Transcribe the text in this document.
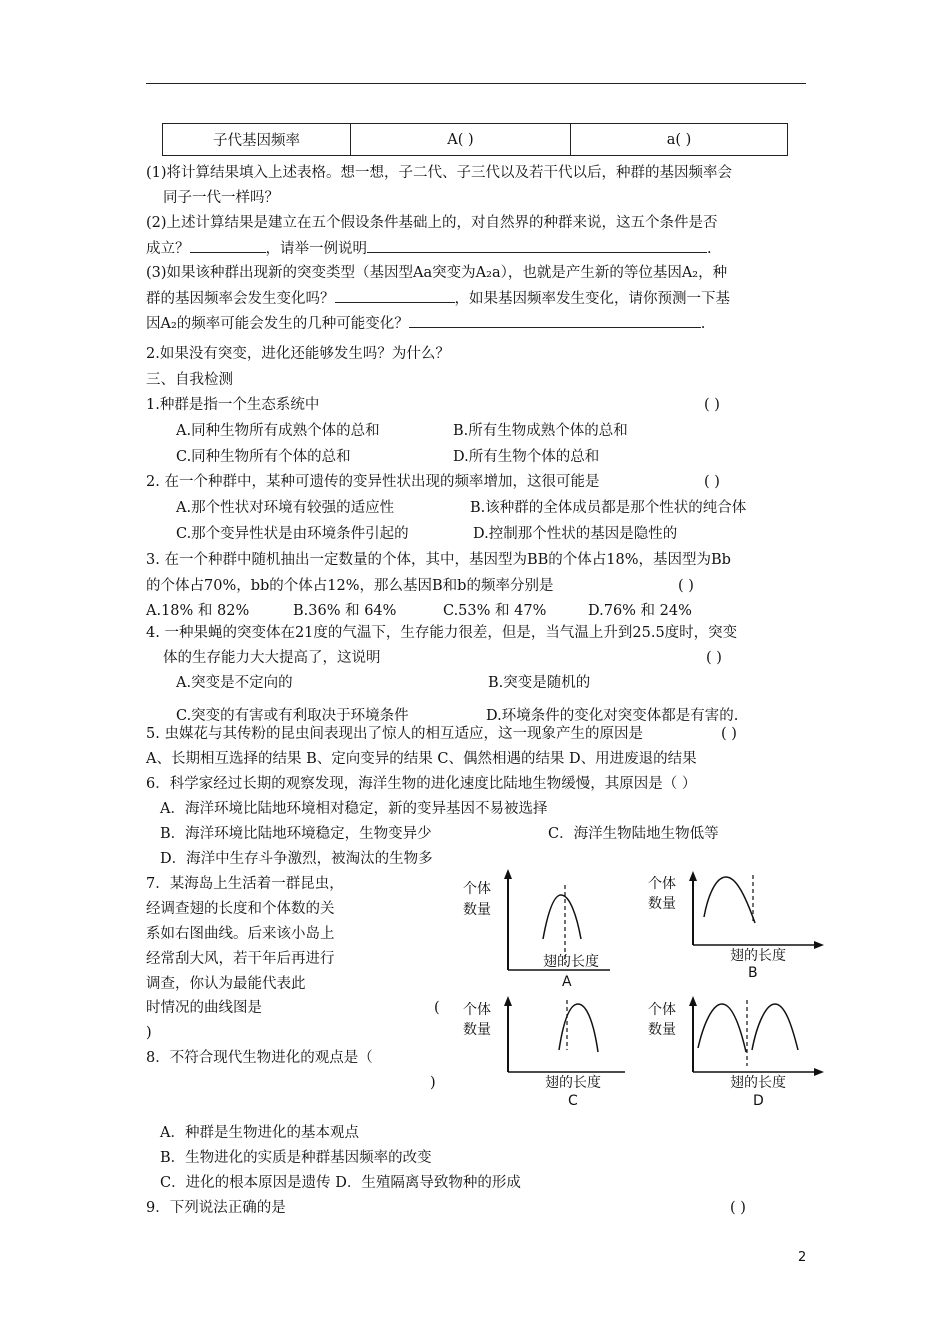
子代基因频率	A( )	a( )
(1)将计算结果填入上述表格。想一想，子二代、子三代以及若干代以后，种群的基因频率会
同子一代一样吗？
(2)上述计算结果是建立在五个假设条件基础上的，对自然界的种群来说，这五个条件是否
成立？	，请举一例说明	.
(3)如果该种群出现新的突变类型（基因型Aa突变为A₂a），也就是产生新的等位基因A₂，种
群的基因频率会发生变化吗？	，如果基因频率发生变化，请你预测一下基
因A₂的频率可能会发生的几种可能变化？	.
2.如果没有突变，进化还能够发生吗？为什么？
三、自我检测
1.种群是指一个生态系统中	( )
A.同种生物所有成熟个体的总和	B.所有生物成熟个体的总和
C.同种生物所有个体的总和	D.所有生物个体的总和
2. 在一个种群中，某种可遗传的变异性状出现的频率增加，这很可能是	( )
A.那个性状对环境有较强的适应性	B.该种群的全体成员都是那个性状的纯合体
C.那个变异性状是由环境条件引起的	D.控制那个性状的基因是隐性的
3. 在一个种群中随机抽出一定数量的个体，其中，基因型为BB的个体占18%，基因型为Bb
的个体占70%，bb的个体占12%，那么基因B和b的频率分别是	( )
A.18% 和 82%	B.36% 和 64%	C.53% 和 47%	D.76% 和 24%
4. 一种果蝇的突变体在21度的气温下，生存能力很差，但是，当气温上升到25.5度时，突变
体的生存能力大大提高了，这说明	( )
A.突变是不定向的	B.突变是随机的
C.突变的有害或有利取决于环境条件	D.环境条件的变化对突变体都是有害的.
5. 虫媒花与其传粉的昆虫间表现出了惊人的相互适应，这一现象产生的原因是	( )
A、长期相互选择的结果 B、定向变异的结果 C、偶然相遇的结果 D、用进废退的结果
6．科学家经过长期的观察发现，海洋生物的进化速度比陆地生物缓慢，其原因是（ ）
A．海洋环境比陆地环境相对稳定，新的变异基因不易被选择
B．海洋环境比陆地环境稳定，生物变异少	C．海洋生物陆地生物低等
D．海洋中生存斗争激烈，被淘汰的生物多
7．某海岛上生活着一群昆虫，
经调查翅的长度和个体数的关
系如右图曲线。后来该小岛上
经常刮大风，若干年后再进行
调查，你认为最能代表此
时情况的曲线图是	(
)
8．不符合现代生物进化的观点是（
)
A．种群是生物进化的基本观点
B．生物进化的实质是种群基因频率的改变
C．进化的根本原因是遗传 D．生殖隔离导致物种的形成
9．下列说法正确的是	( )
2
个体
数量
翅的长度
A
个体
数量
翅的长度
B
个体
数量
翅的长度
C
个体
数量
翅的长度
D
